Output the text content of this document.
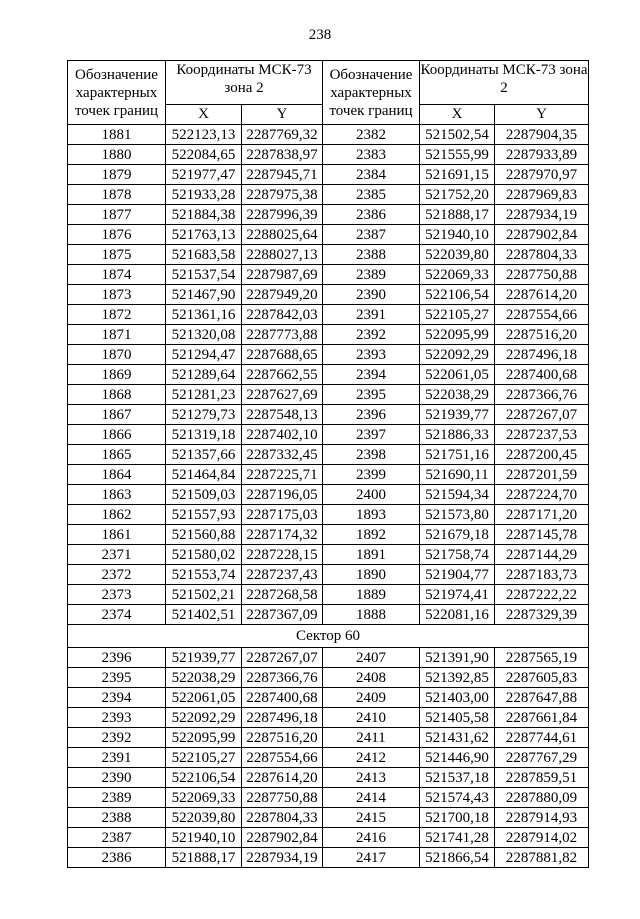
238
Обозначение характерных точек границ	Координаты МСК-73 зона 2		Обозначение характерных точек границ	Координаты МСК-73 зона 2	
	X	Y		X	Y
1881	522123,13	2287769,32	2382	521502,54	2287904,35
1880	522084,65	2287838,97	2383	521555,99	2287933,89
1879	521977,47	2287945,71	2384	521691,15	2287970,97
1878	521933,28	2287975,38	2385	521752,20	2287969,83
1877	521884,38	2287996,39	2386	521888,17	2287934,19
1876	521763,13	2288025,64	2387	521940,10	2287902,84
1875	521683,58	2288027,13	2388	522039,80	2287804,33
1874	521537,54	2287987,69	2389	522069,33	2287750,88
1873	521467,90	2287949,20	2390	522106,54	2287614,20
1872	521361,16	2287842,03	2391	522105,27	2287554,66
1871	521320,08	2287773,88	2392	522095,99	2287516,20
1870	521294,47	2287688,65	2393	522092,29	2287496,18
1869	521289,64	2287662,55	2394	522061,05	2287400,68
1868	521281,23	2287627,69	2395	522038,29	2287366,76
1867	521279,73	2287548,13	2396	521939,77	2287267,07
1866	521319,18	2287402,10	2397	521886,33	2287237,53
1865	521357,66	2287332,45	2398	521751,16	2287200,45
1864	521464,84	2287225,71	2399	521690,11	2287201,59
1863	521509,03	2287196,05	2400	521594,34	2287224,70
1862	521557,93	2287175,03	1893	521573,80	2287171,20
1861	521560,88	2287174,32	1892	521679,18	2287145,78
2371	521580,02	2287228,15	1891	521758,74	2287144,29
2372	521553,74	2287237,43	1890	521904,77	2287183,73
2373	521502,21	2287268,58	1889	521974,41	2287222,22
2374	521402,51	2287367,09	1888	522081,16	2287329,39
Сектор 60					
2396	521939,77	2287267,07	2407	521391,90	2287565,19
2395	522038,29	2287366,76	2408	521392,85	2287605,83
2394	522061,05	2287400,68	2409	521403,00	2287647,88
2393	522092,29	2287496,18	2410	521405,58	2287661,84
2392	522095,99	2287516,20	2411	521431,62	2287744,61
2391	522105,27	2287554,66	2412	521446,90	2287767,29
2390	522106,54	2287614,20	2413	521537,18	2287859,51
2389	522069,33	2287750,88	2414	521574,43	2287880,09
2388	522039,80	2287804,33	2415	521700,18	2287914,93
2387	521940,10	2287902,84	2416	521741,28	2287914,02
2386	521888,17	2287934,19	2417	521866,54	2287881,82
